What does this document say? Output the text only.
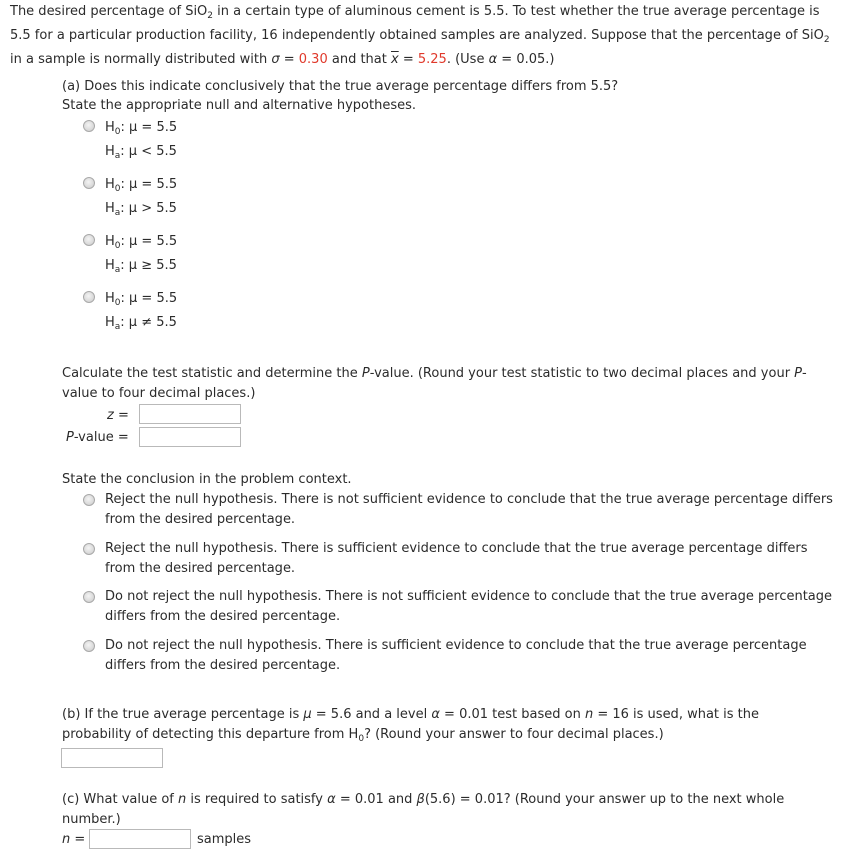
The desired percentage of SiO$_2$ in a certain type of aluminous cement is 5.5. To test whether the true average percentage is
5.5 for a particular production facility, 16 independently obtained samples are analyzed. Suppose that the percentage of SiO$_2$
in a sample is normally distributed with σ = 0.30 and that $\overline{x} = 5.25$. (Use α = 0.05.)
(a) Does this indicate conclusively that the true average percentage differs from 5.5?
State the appropriate null and alternative hypotheses.
$H_0$: μ = 5.5
$H_a$: μ < 5.5
$H_0$: μ = 5.5
$H_a$: μ > 5.5
$H_0$: μ = 5.5
$H_a$: μ ≥ 5.5
$H_0$: μ = 5.5
$H_a$: μ ≠ 5.5
Calculate the test statistic and determine the P-value. (Round your test statistic to two decimal places and your P-
value to four decimal places.)
z =
P-value =
State the conclusion in the problem context.
Reject the null hypothesis. There is not sufficient evidence to conclude that the true average percentage differs from the desired percentage.
Reject the null hypothesis. There is sufficient evidence to conclude that the true average percentage differs from the desired percentage.
Do not reject the null hypothesis. There is not sufficient evidence to conclude that the true average percentage differs from the desired percentage.
Do not reject the null hypothesis. There is sufficient evidence to conclude that the true average percentage differs from the desired percentage.
(b) If the true average percentage is μ = 5.6 and a level α = 0.01 test based on n = 16 is used, what is the
probability of detecting this departure from $H_0$? (Round your answer to four decimal places.)
(c) What value of n is required to satisfy α = 0.01 and β(5.6) = 0.01? (Round your answer up to the next whole
number.)
n =	samples
